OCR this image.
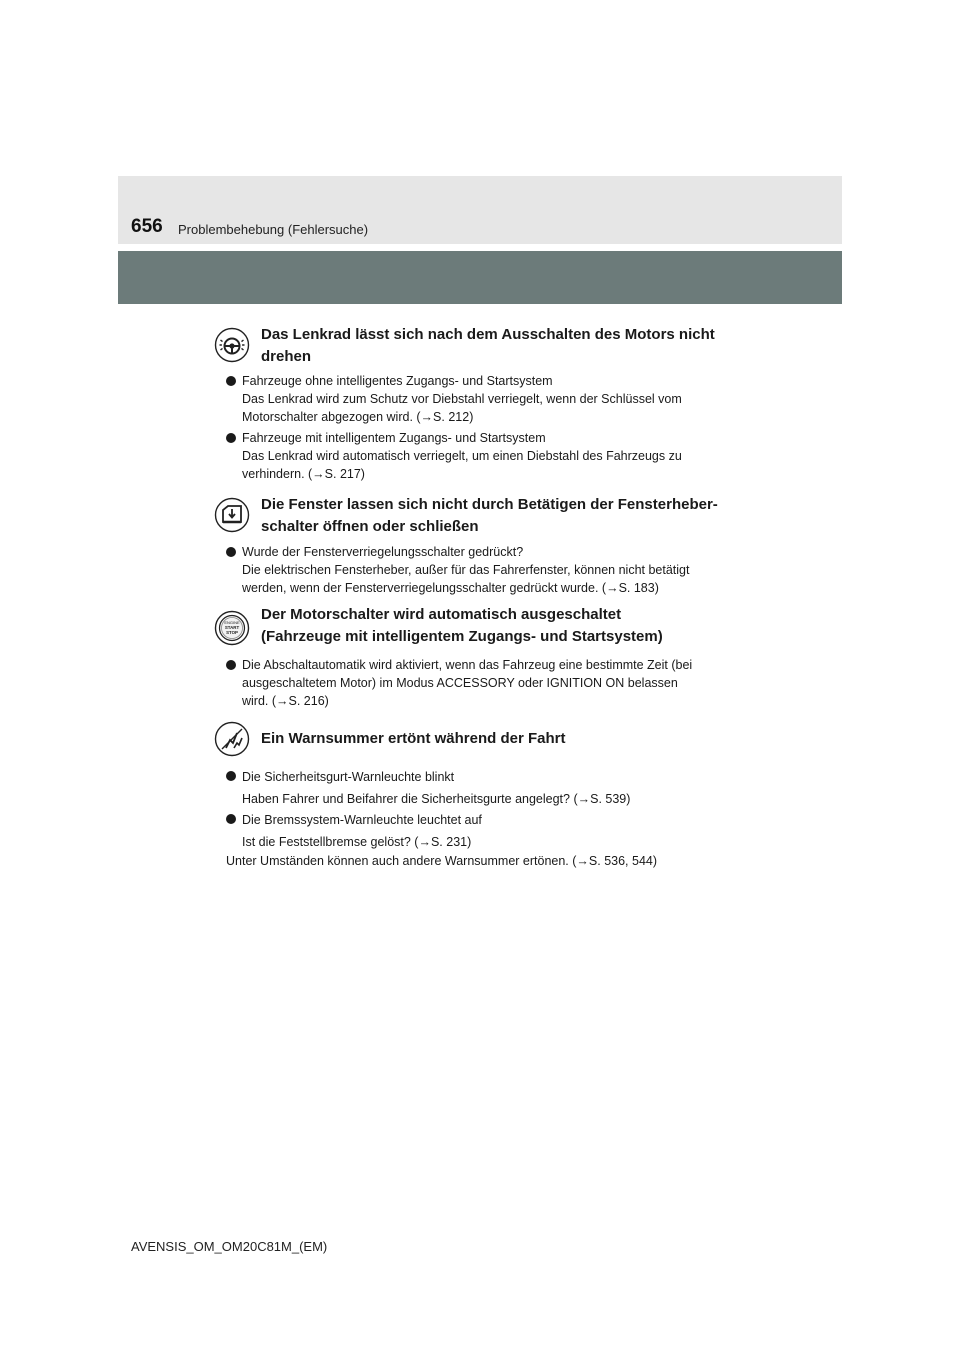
656 Problembehebung (Fehlersuche)
Das Lenkrad lässt sich nach dem Ausschalten des Motors nicht
drehen
Fahrzeuge ohne intelligentes Zugangs- und Startsystem
Das Lenkrad wird zum Schutz vor Diebstahl verriegelt, wenn der Schlüssel vom
Motorschalter abgezogen wird. (→S. 212)
Fahrzeuge mit intelligentem Zugangs- und Startsystem
Das Lenkrad wird automatisch verriegelt, um einen Diebstahl des Fahrzeugs zu
verhindern. (→S. 217)
Die Fenster lassen sich nicht durch Betätigen der Fensterheber-
schalter öffnen oder schließen
Wurde der Fensterverriegelungsschalter gedrückt?
Die elektrischen Fensterheber, außer für das Fahrerfenster, können nicht betätigt
werden, wenn der Fensterverriegelungsschalter gedrückt wurde. (→S. 183)
ENGINE
START
STOP
Der Motorschalter wird automatisch ausgeschaltet
(Fahrzeuge mit intelligentem Zugangs- und Startsystem)
Die Abschaltautomatik wird aktiviert, wenn das Fahrzeug eine bestimmte Zeit (bei
ausgeschaltetem Motor) im Modus ACCESSORY oder IGNITION ON belassen
wird. (→S. 216)
Ein Warnsummer ertönt während der Fahrt
Die Sicherheitsgurt-Warnleuchte blinkt
Haben Fahrer und Beifahrer die Sicherheitsgurte angelegt? (→S. 539)
Die Bremssystem-Warnleuchte leuchtet auf
Ist die Feststellbremse gelöst? (→S. 231)
Unter Umständen können auch andere Warnsummer ertönen. (→S. 536, 544)
AVENSIS_OM_OM20C81M_(EM)
